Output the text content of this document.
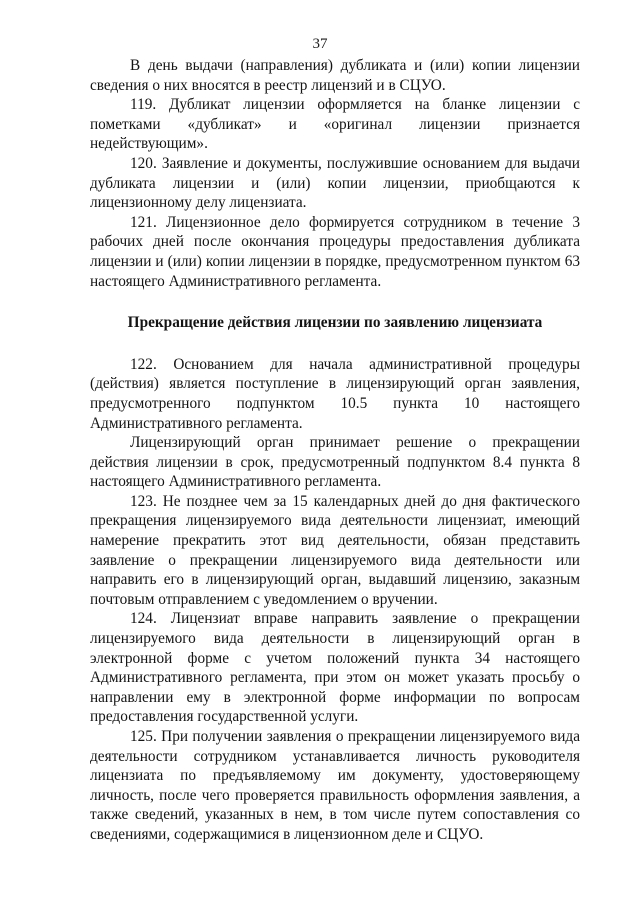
37

В день выдачи (направления) дубликата и (или) копии лицензии сведения о них вносятся в реестр лицензий и в СЦУО.

119. Дубликат лицензии оформляется на бланке лицензии с пометками «дубликат» и «оригинал лицензии признается недействующим».

120. Заявление и документы, послужившие основанием для выдачи дубликата лицензии и (или) копии лицензии, приобщаются к лицензионному делу лицензиата.

121. Лицензионное дело формируется сотрудником в течение 3 рабочих дней после окончания процедуры предоставления дубликата лицензии и (или) копии лицензии в порядке, предусмотренном пунктом 63 настоящего Административного регламента.

Прекращение действия лицензии по заявлению лицензиата

122. Основанием для начала административной процедуры (действия) является поступление в лицензирующий орган заявления, предусмотренного подпунктом 10.5 пункта 10 настоящего Административного регламента.

Лицензирующий орган принимает решение о прекращении действия лицензии в срок, предусмотренный подпунктом 8.4 пункта 8 настоящего Административного регламента.

123. Не позднее чем за 15 календарных дней до дня фактического прекращения лицензируемого вида деятельности лицензиат, имеющий намерение прекратить этот вид деятельности, обязан представить заявление о прекращении лицензируемого вида деятельности или направить его в лицензирующий орган, выдавший лицензию, заказным почтовым отправлением с уведомлением о вручении.

124. Лицензиат вправе направить заявление о прекращении лицензируемого вида деятельности в лицензирующий орган в электронной форме с учетом положений пункта 34 настоящего Административного регламента, при этом он может указать просьбу о направлении ему в электронной форме информации по вопросам предоставления государственной услуги.

125. При получении заявления о прекращении лицензируемого вида деятельности сотрудником устанавливается личность руководителя лицензиата по предъявляемому им документу, удостоверяющему личность, после чего проверяется правильность оформления заявления, а также сведений, указанных в нем, в том числе путем сопоставления со сведениями, содержащимися в лицензионном деле и СЦУО.
